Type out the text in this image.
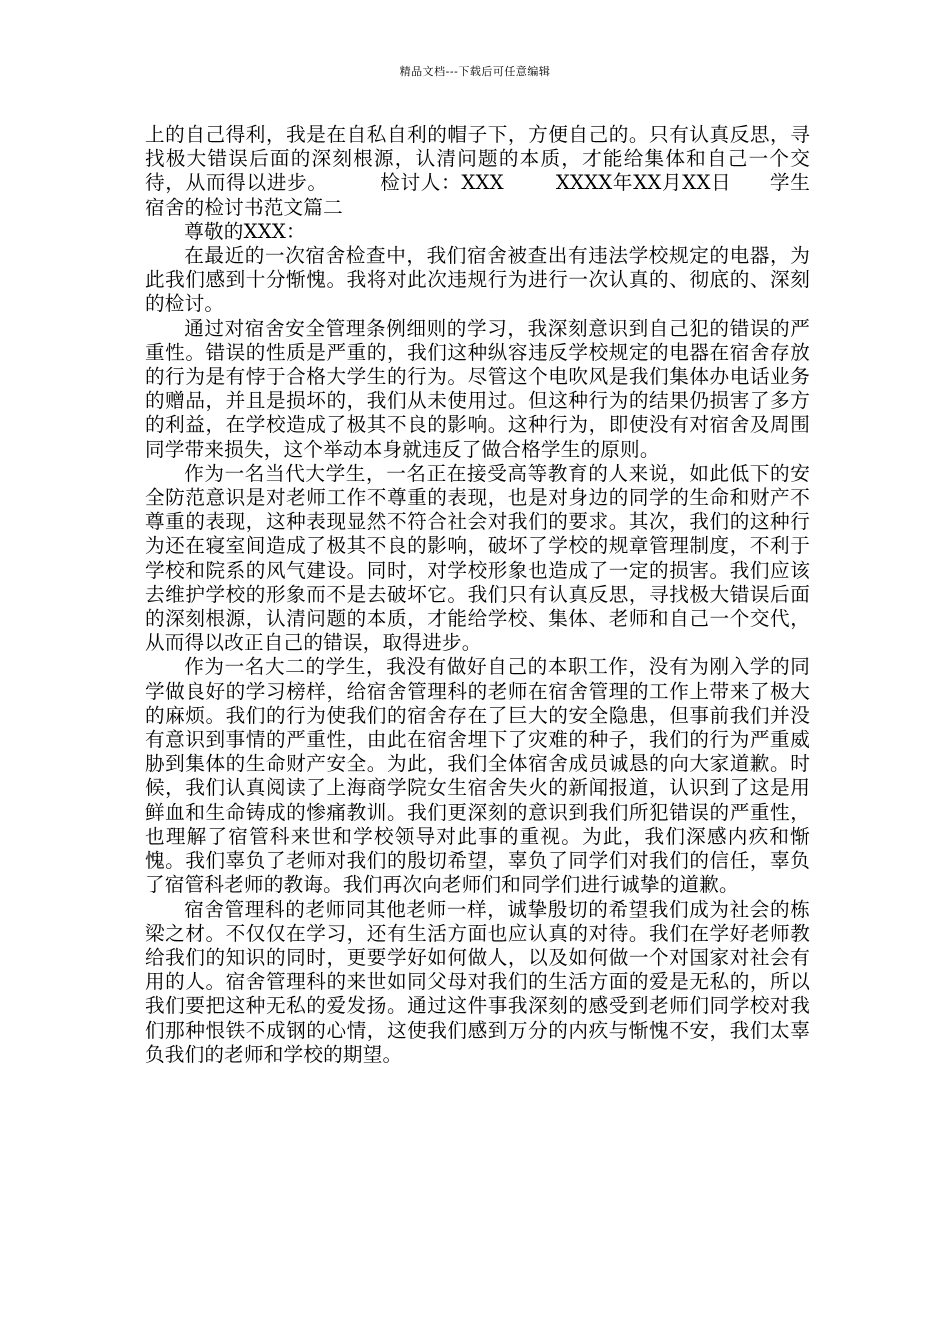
精品文档---下载后可任意编辑

上的自己得利，我是在自私自利的帽子下，方便自己的。只有认真反思，寻找极大错误后面的深刻根源，认清问题的本质，才能给集体和自己一个交待，从而得以进步。	检讨人：XXX	XXXX年XX月XX日 学生宿舍的检讨书范文篇二

尊敬的XXX：

在最近的一次宿舍检查中，我们宿舍被查出有违法学校规定的电器，为此我们感到十分惭愧。我将对此次违规行为进行一次认真的、彻底的、深刻的检讨。

通过对宿舍安全管理条例细则的学习，我深刻意识到自己犯的错误的严重性。错误的性质是严重的，我们这种纵容违反学校规定的电器在宿舍存放的行为是有悖于合格大学生的行为。尽管这个电吹风是我们集体办电话业务的赠品，并且是损坏的，我们从未使用过。但这种行为的结果仍损害了多方的利益，在学校造成了极其不良的影响。这种行为，即使没有对宿舍及周围同学带来损失，这个举动本身就违反了做合格学生的原则。

作为一名当代大学生，一名正在接受高等教育的人来说，如此低下的安全防范意识是对老师工作不尊重的表现，也是对身边的同学的生命和财产不尊重的表现，这种表现显然不符合社会对我们的要求。其次，我们的这种行为还在寝室间造成了极其不良的影响，破坏了学校的规章管理制度，不利于学校和院系的风气建设。同时，对学校形象也造成了一定的损害。我们应该去维护学校的形象而不是去破坏它。我们只有认真反思，寻找极大错误后面的深刻根源，认清问题的本质，才能给学校、集体、老师和自己一个交代，从而得以改正自己的错误，取得进步。

作为一名大二的学生，我没有做好自己的本职工作，没有为刚入学的同学做良好的学习榜样，给宿舍管理科的老师在宿舍管理的工作上带来了极大的麻烦。我们的行为使我们的宿舍存在了巨大的安全隐患，但事前我们并没有意识到事情的严重性，由此在宿舍埋下了灾难的种子，我们的行为严重威胁到集体的生命财产安全。为此，我们全体宿舍成员诚恳的向大家道歉。时候，我们认真阅读了上海商学院女生宿舍失火的新闻报道，认识到了这是用鲜血和生命铸成的惨痛教训。我们更深刻的意识到我们所犯错误的严重性，也理解了宿管科来世和学校领导对此事的重视。为此，我们深感内疚和惭愧。我们辜负了老师对我们的殷切希望，辜负了同学们对我们的信任，辜负了宿管科老师的教诲。我们再次向老师们和同学们进行诚挚的道歉。

宿舍管理科的老师同其他老师一样，诚挚殷切的希望我们成为社会的栋梁之材。不仅仅在学习，还有生活方面也应认真的对待。我们在学好老师教给我们的知识的同时，更要学好如何做人，以及如何做一个对国家对社会有用的人。宿舍管理科的来世如同父母对我们的生活方面的爱是无私的，所以我们要把这种无私的爱发扬。通过这件事我深刻的感受到老师们同学校对我们那种恨铁不成钢的心情，这使我们感到万分的内疚与惭愧不安，我们太辜负我们的老师和学校的期望。
